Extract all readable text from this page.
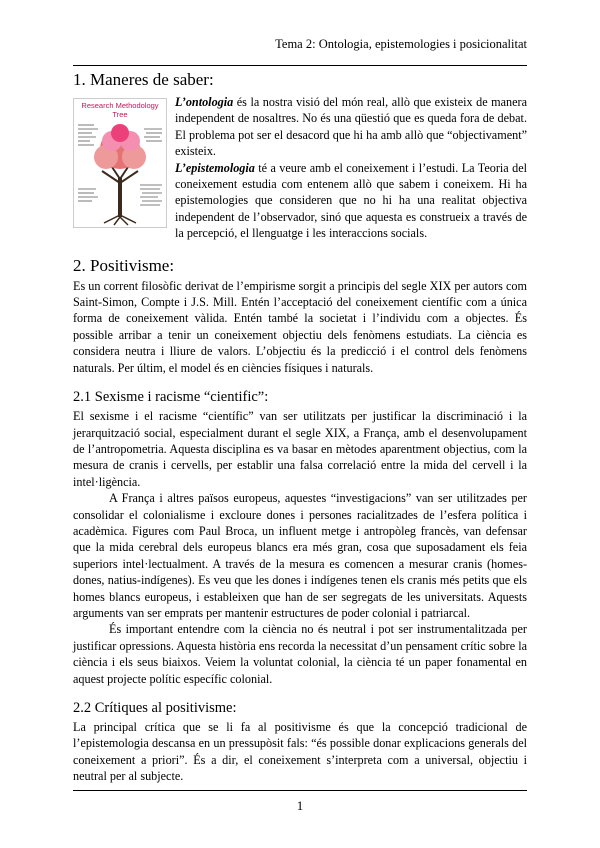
Tema 2: Ontologia, epistemologies i posicionalitat
1. Maneres de saber:
Research Methodology
Tree

L’ontologia és la nostra visió del món real, allò que existeix de manera independent de nosaltres. No és una qüestió que es queda fora de debat. El problema pot ser el desacord que hi ha amb allò que “objectivament” existeix.

L’epistemologia té a veure amb el coneixement i l’estudi. La Teoria del coneixement estudia com entenem allò que sabem i coneixem. Hi ha epistemologies que consideren que no hi ha una realitat objectiva independent de l’observador, sinó que aquesta es construeix a través de la percepció, el llenguatge i les interaccions socials.

2. Positivisme:

Es un corrent filosòfic derivat de l’empirisme sorgit a principis del segle XIX per autors com Saint-Simon, Compte i J.S. Mill. Entén l’acceptació del coneixement científic com a única forma de coneixement vàlida. Entén també la societat i l’individu com a objectes. És possible arribar a tenir un coneixement objectiu dels fenòmens estudiats. La ciència es considera neutra i lliure de valors. L’objectiu és la predicció i el control dels fenòmens naturals. Per últim, el model és en ciències físiques i naturals.

2.1 Sexisme i racisme “cientific”:

El sexisme i el racisme “científic” van ser utilitzats per justificar la discriminació i la jerarquització social, especialment durant el segle XIX, a França, amb el desenvolupament de l’antropometria. Aquesta disciplina es va basar en mètodes aparentment objectius, com la mesura de cranis i cervells, per establir una falsa correlació entre la mida del cervell i la intel·ligència.

A França i altres països europeus, aquestes “investigacions” van ser utilitzades per consolidar el colonialisme i excloure dones i persones racialitzades de l’esfera política i acadèmica. Figures com Paul Broca, un influent metge i antropòleg francès, van defensar que la mida cerebral dels europeus blancs era més gran, cosa que suposadament els feia superiors intel·lectualment. A través de la mesura es comencen a mesurar cranis (homes-dones, natius-indígenes). Es veu que les dones i indígenes tenen els cranis més petits que els homes blancs europeus, i estableixen que han de ser segregats de les universitats. Aquests arguments van ser emprats per mantenir estructures de poder colonial i patriarcal.

És important entendre com la ciència no és neutral i pot ser instrumentalitzada per justificar opressions. Aquesta història ens recorda la necessitat d’un pensament crític sobre la ciència i els seus biaixos. Veiem la voluntat colonial, la ciència té un paper fonamental en aquest projecte polític específic colonial.

2.2 Crítiques al positivisme:

La principal crítica que se li fa al positivisme és que la concepció tradicional de l’epistemologia descansa en un pressupòsit fals: “és possible donar explicacions generals del coneixement a priori”. És a dir, el coneixement s’interpreta com a universal, objectiu i neutral per al subjecte.

1
